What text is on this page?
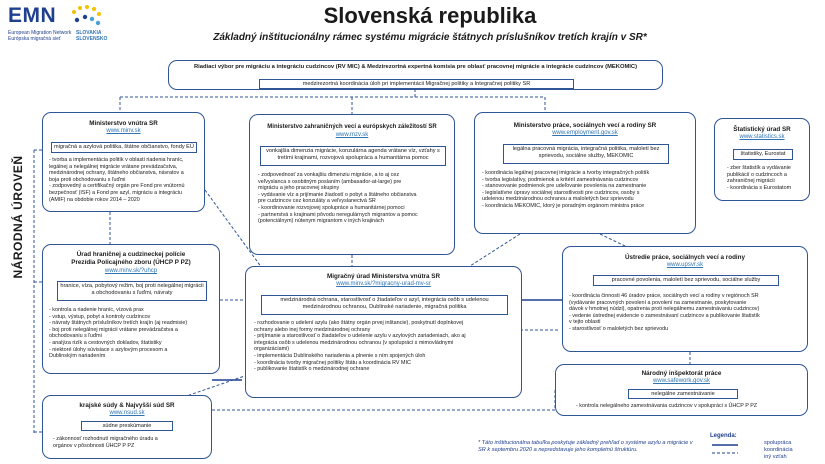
EMN
European Migration Network
Európska migračná sieť
SLOVAKIA
SLOVENSKO
Slovenská republika
Základný inštitucionálny rámec systému migrácie štátnych príslušníkov tretích krajín v SR*
NÁRODNÁ ÚROVEŇ
Riadiaci výbor pre migráciu a integráciu cudzincov (RV MIC) & Medzirezortná expertná komisia pre oblasť pracovnej migrácie a integrácie cudzincov (MEKOMIC)
medzirezortná koordinácia úloh pri implementácii Migračnej politiky a Integračnej politiky SR
Ministerstvo vnútra SR
www.minv.sk
migračná a azylová politika, štátne občianstvo, fondy EÚ
- tvorba a implementácia politík v oblasti riadenia hraníc,
legálnej a nelegálnej migrácie vrátane prevádzačstva,
medzinárodnej ochrany, štátneho občianstva, návratov a
boja proti obchodovaniu s ľuďmi
- zodpovedný a certifikačný orgán pre Fond pre vnútornú
bezpečnosť (ISF) a Fond pre azyl, migráciu a integráciu
(AMIF) na obdobie rokov 2014 – 2020
Ministerstvo zahraničných vecí a európskych záležitostí SR
www.mzv.sk
vonkajšia dimenzia migrácie, konzulárna agenda vrátane víz, vzťahy s tretími krajinami, rozvojová spolupráca a humanitárna pomoc
- zodpovednosť za vonkajšiu dimenziu migrácie, a to aj cez
veľvyslanca s osobitným poslaním (ambasador-at-large) pre
migráciu a jeho pracovnej skupiny
- vydávanie víz a prijímanie žiadostí o pobyt a štátneho občianstva
pre cudzincov cez konzuláty a veľvyslanectvá SR
- koordinovanie rozvojovej spolupráce a humanitárnej pomoci
- partnerstvá s krajinami pôvodu neregulárnych migrantov a pomoc
(potenciálnym) nútenym migrantom v iných krajinách
Ministerstvo práce, sociálnych vecí a rodiny SR
www.employment.gov.sk
legálna pracovná migrácia, integračná politika, maloletí bez sprievodu, sociálne služby, MEKOMIC
- koordinácia legálnej pracovnej imigrácie a tvorby integračných politík
- tvorba legislatívy, podmienok a kritérií zamestnávania cudzincov
- stanovovanie podmienok pre udeľovanie povolenia na zamestnanie
- legislatívne úpravy sociálnej starostlivosti pre cudzincov, osoby s
udelenou medzinárodnou ochranou a maloletých bez sprievodu
- koordinácia MEKOMIC, ktorý je poradným orgánom ministra práce
Štatistický úrad SR
www.statistics.sk
štatistiky, Eurostat
- zber štatistík a vydávanie
publikácií o cudzincoch a
zahraničnej migrácii
- koordinácia s Eurostatom
Úrad hraničnej a cudzineckej polície
Prezídia Policajného zboru (ÚHCP P PZ)
www.minv.sk/?uhcp
hranice, víza, pobytový režim, boj proti nelegálnej migrácii a obchodovaniu s ľuďmi, návraty
- kontrola a riadenie hraníc, vízová prax
- vstup, výstup, pobyt a kontroly cudzincov
- návraty štátnych príslušníkov tretích krajín (aj readmisie)
- boj proti nelegálnej migrácii vrátane prevádzačstva a
obchodovaniu s ľuďmi
- analýza rizík a cestovných dokladov, štatistiky
- niektoré úlohy súvisiace s azylovým procesom a
Dublinským nariadením
Migračný úrad Ministerstva vnútra SR
www.minv.sk/?migracny-urad-mv-sr
medzinárodná ochrana, starostlivosť o žiadateľov o azyl, integrácia osôb s udelenou medzinárodnou ochranou, Dublinské nariadenie, migračná politika
- rozhodovanie o udelení azylu (ako štátny orgán prvej inštancie), poskytnutí doplnkovej
ochrany alebo inej formy medzinárodnej ochrany
- prijímanie a starostlivosť o žiadateľov o udelenie azylu v azylových zariadeniach, ako aj
integrácia osôb s udelenou medzinárodnou ochranou (v spolupráci s mimovládnymi
organizáciami)
- implementácia Dublinského nariadenia a plnenie s ním spojených úloh
- koordinácia tvorby migračnej politiky štátu a koordinácia RV MIC
- publikovanie štatistík o medzinárodnej ochrane
Ústredie práce, sociálnych vecí a rodiny
www.upsvr.sk
pracovné povolenia, maloletí bez sprievodu, sociálne služby
- koordinácia činnosti 46 úradov práce, sociálnych vecí a rodiny v regiónoch SR
(vydávanie pracovných povolení a povolení na zamestnanie, poskytovanie
dávok v hmotnej núdzi), opatrenia proti nelegálnemu zamestnávaniu cudzincov)
- vedenie ústrednej evidencie o zamestnávaní cudzincov a publikovanie štatistík
v tejto oblasti
- starostlivosť o maloletých bez sprievodu
Národný inšpektorát práce
www.safework.gov.sk
nelegálne zamestnávanie
- kontrola nelegálneho zamestnávania cudzincov v spolupráci s ÚHCP P PZ
krajské súdy & Najvyšší súd SR
www.nsud.sk
súdne preskúmanie
- zákonnosť rozhodnutí migračného úradu a
orgánov v pôsobnosti ÚHCP P PZ	* Táto inštitucionálna tabuľka poskytuje základný prehľad o systéme azylu a migrácie v SR k septembru 2020 a nepredstavuje jeho kompletnú štruktúru.
Legenda:
spolupráca
koordinácia
iný vzťah
